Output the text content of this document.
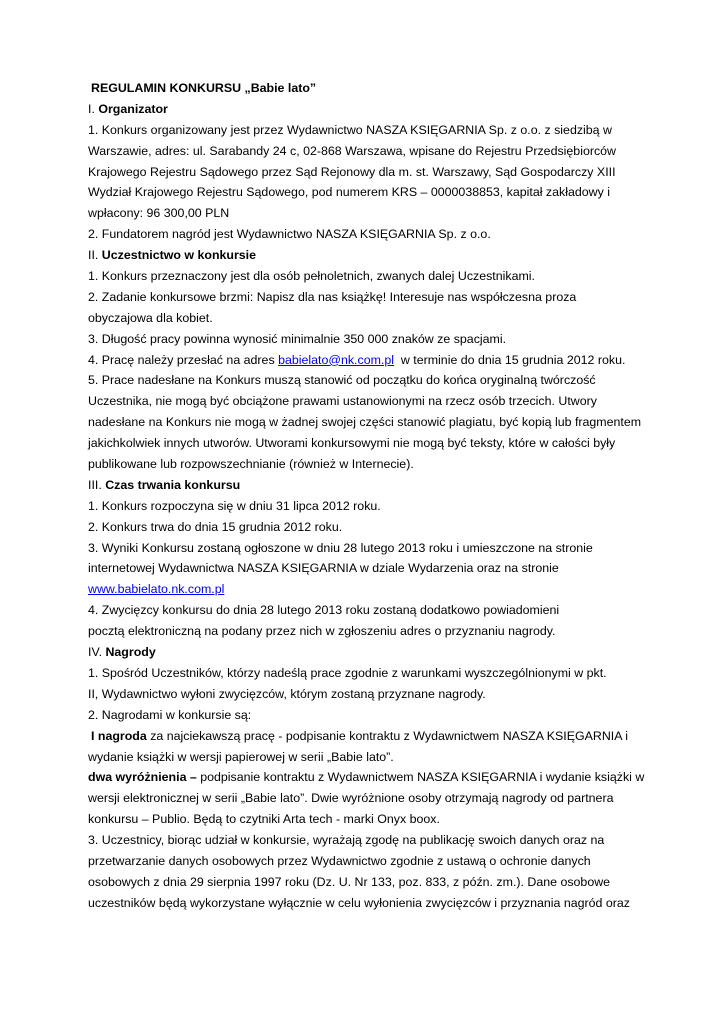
REGULAMIN KONKURSU „Babie lato”
I. Organizator
1. Konkurs organizowany jest przez Wydawnictwo NASZA KSIĘGARNIA Sp. z o.o. z siedzibą w
Warszawie, adres: ul. Sarabandy 24 c, 02-868 Warszawa, wpisane do Rejestru Przedsiębiorców
Krajowego Rejestru Sądowego przez Sąd Rejonowy dla m. st. Warszawy, Sąd Gospodarczy XIII
Wydział Krajowego Rejestru Sądowego, pod numerem KRS – 0000038853, kapitał zakładowy i
wpłacony: 96 300,00 PLN
2. Fundatorem nagród jest Wydawnictwo NASZA KSIĘGARNIA Sp. z o.o.
II. Uczestnictwo w konkursie
1. Konkurs przeznaczony jest dla osób pełnoletnich, zwanych dalej Uczestnikami.
2. Zadanie konkursowe brzmi: Napisz dla nas książkę! Interesuje nas współczesna proza
obyczajowa dla kobiet.
3. Długość pracy powinna wynosić minimalnie 350 000 znaków ze spacjami.
4. Pracę należy przesłać na adres babielato@nk.com.pl  w terminie do dnia 15 grudnia 2012 roku.
5. Prace nadesłane na Konkurs muszą stanowić od początku do końca oryginalną twórczość
Uczestnika, nie mogą być obciążone prawami ustanowionymi na rzecz osób trzecich. Utwory
nadesłane na Konkurs nie mogą w żadnej swojej części stanowić plagiatu, być kopią lub fragmentem
jakichkolwiek innych utworów. Utworami konkursowymi nie mogą być teksty, które w całości były
publikowane lub rozpowszechnianie (również w Internecie).
III. Czas trwania konkursu
1. Konkurs rozpoczyna się w dniu 31 lipca 2012 roku.
2. Konkurs trwa do dnia 15 grudnia 2012 roku.
3. Wyniki Konkursu zostaną ogłoszone w dniu 28 lutego 2013 roku i umieszczone na stronie
internetowej Wydawnictwa NASZA KSIĘGARNIA w dziale Wydarzenia oraz na stronie
www.babielato.nk.com.pl
4. Zwycięzcy konkursu do dnia 28 lutego 2013 roku zostaną dodatkowo powiadomieni
pocztą elektroniczną na podany przez nich w zgłoszeniu adres o przyznaniu nagrody.
IV. Nagrody
1. Spośród Uczestników, którzy nadeślą prace zgodnie z warunkami wyszczególnionymi w pkt.
II, Wydawnictwo wyłoni zwycięzców, którym zostaną przyznane nagrody.
2. Nagrodami w konkursie są:
I nagroda za najciekawszą pracę - podpisanie kontraktu z Wydawnictwem NASZA KSIĘGARNIA i
wydanie książki w wersji papierowej w serii „Babie lato”.
dwa wyróżnienia – podpisanie kontraktu z Wydawnictwem NASZA KSIĘGARNIA i wydanie książki w
wersji elektronicznej w serii „Babie lato”. Dwie wyróżnione osoby otrzymają nagrody od partnera
konkursu – Publio. Będą to czytniki Arta tech - marki Onyx boox.
3. Uczestnicy, biorąc udział w konkursie, wyrażają zgodę na publikację swoich danych oraz na
przetwarzanie danych osobowych przez Wydawnictwo zgodnie z ustawą o ochronie danych
osobowych z dnia 29 sierpnia 1997 roku (Dz. U. Nr 133, poz. 833, z późn. zm.). Dane osobowe
uczestników będą wykorzystane wyłącznie w celu wyłonienia zwycięzców i przyznania nagród oraz
